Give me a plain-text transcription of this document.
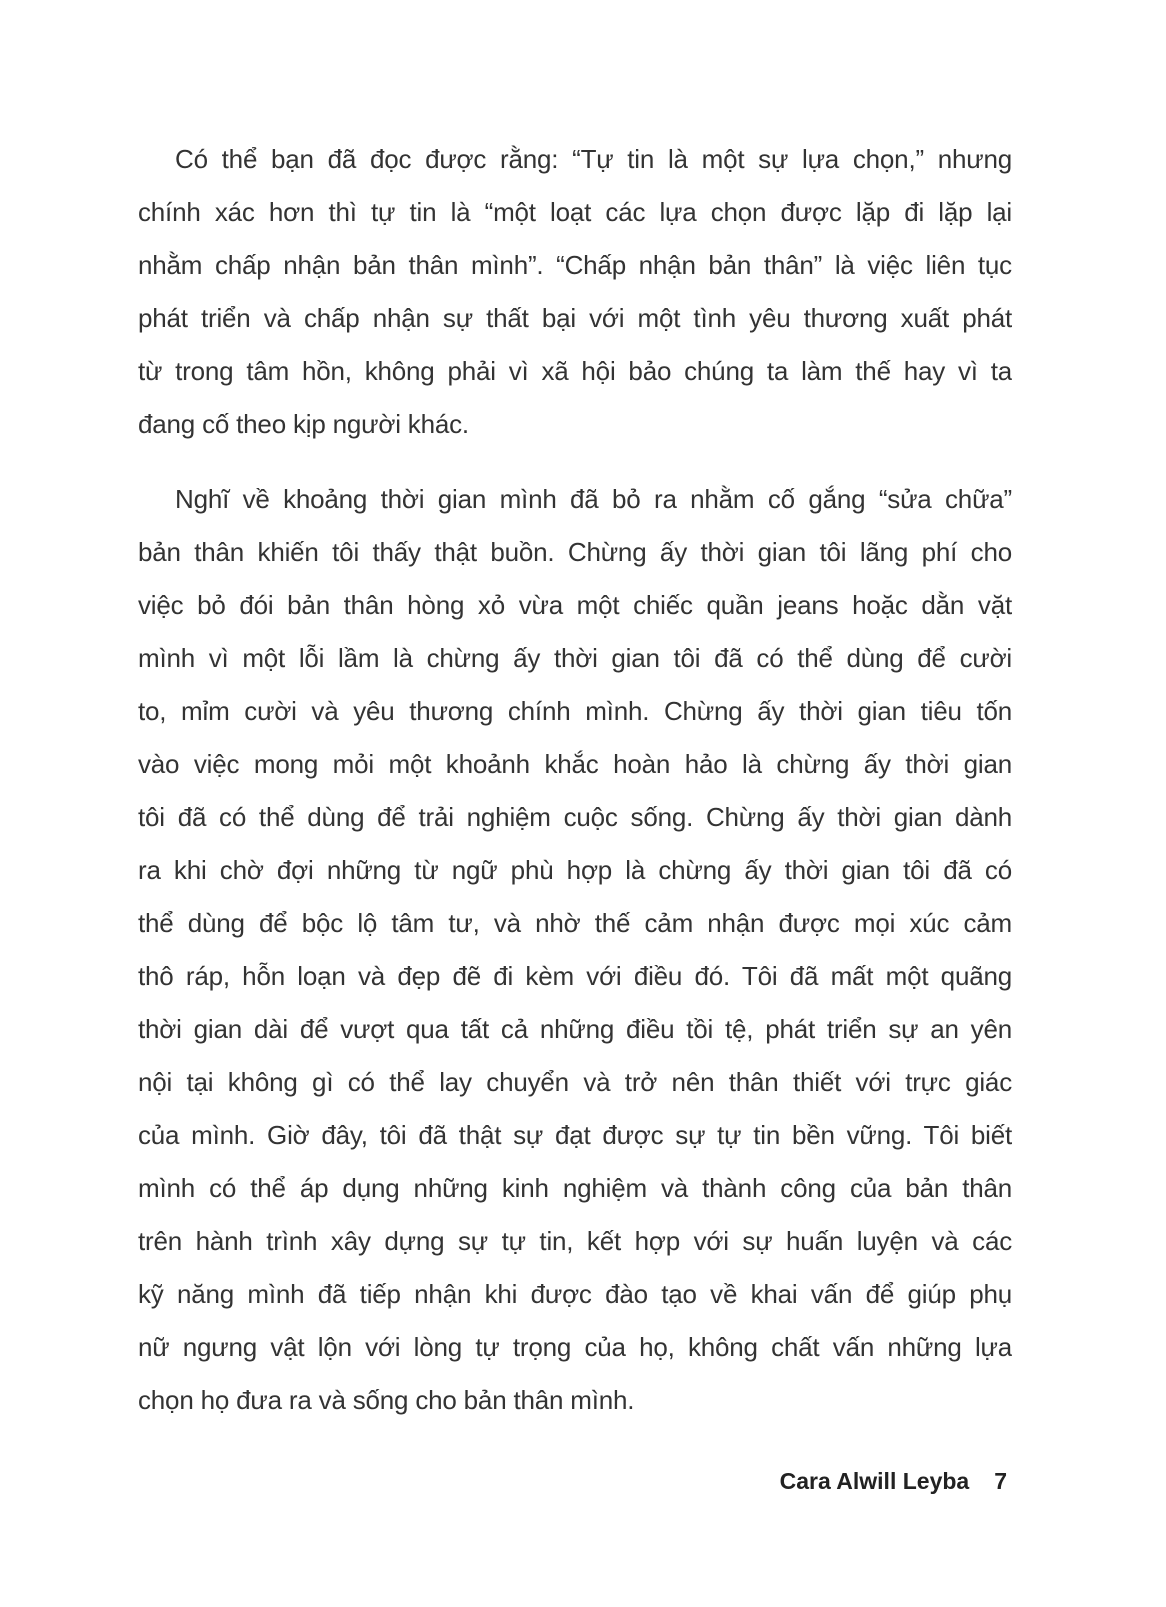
Có thể bạn đã đọc được rằng: “Tự tin là một sự lựa chọn,” nhưng
chính xác hơn thì tự tin là “một loạt các lựa chọn được lặp đi lặp lại
nhằm chấp nhận bản thân mình”. “Chấp nhận bản thân” là việc liên tục
phát triển và chấp nhận sự thất bại với một tình yêu thương xuất phát
từ trong tâm hồn, không phải vì xã hội bảo chúng ta làm thế hay vì ta
đang cố theo kịp người khác.
Nghĩ về khoảng thời gian mình đã bỏ ra nhằm cố gắng “sửa chữa”
bản thân khiến tôi thấy thật buồn. Chừng ấy thời gian tôi lãng phí cho
việc bỏ đói bản thân hòng xỏ vừa một chiếc quần jeans hoặc dằn vặt
mình vì một lỗi lầm là chừng ấy thời gian tôi đã có thể dùng để cười
to, mỉm cười và yêu thương chính mình. Chừng ấy thời gian tiêu tốn
vào việc mong mỏi một khoảnh khắc hoàn hảo là chừng ấy thời gian
tôi đã có thể dùng để trải nghiệm cuộc sống. Chừng ấy thời gian dành
ra khi chờ đợi những từ ngữ phù hợp là chừng ấy thời gian tôi đã có
thể dùng để bộc lộ tâm tư, và nhờ thế cảm nhận được mọi xúc cảm
thô ráp, hỗn loạn và đẹp đẽ đi kèm với điều đó. Tôi đã mất một quãng
thời gian dài để vượt qua tất cả những điều tồi tệ, phát triển sự an yên
nội tại không gì có thể lay chuyển và trở nên thân thiết với trực giác
của mình. Giờ đây, tôi đã thật sự đạt được sự tự tin bền vững. Tôi biết
mình có thể áp dụng những kinh nghiệm và thành công của bản thân
trên hành trình xây dựng sự tự tin, kết hợp với sự huấn luyện và các
kỹ năng mình đã tiếp nhận khi được đào tạo về khai vấn để giúp phụ
nữ ngưng vật lộn với lòng tự trọng của họ, không chất vấn những lựa
chọn họ đưa ra và sống cho bản thân mình.
Cara Alwill Leyba 7
